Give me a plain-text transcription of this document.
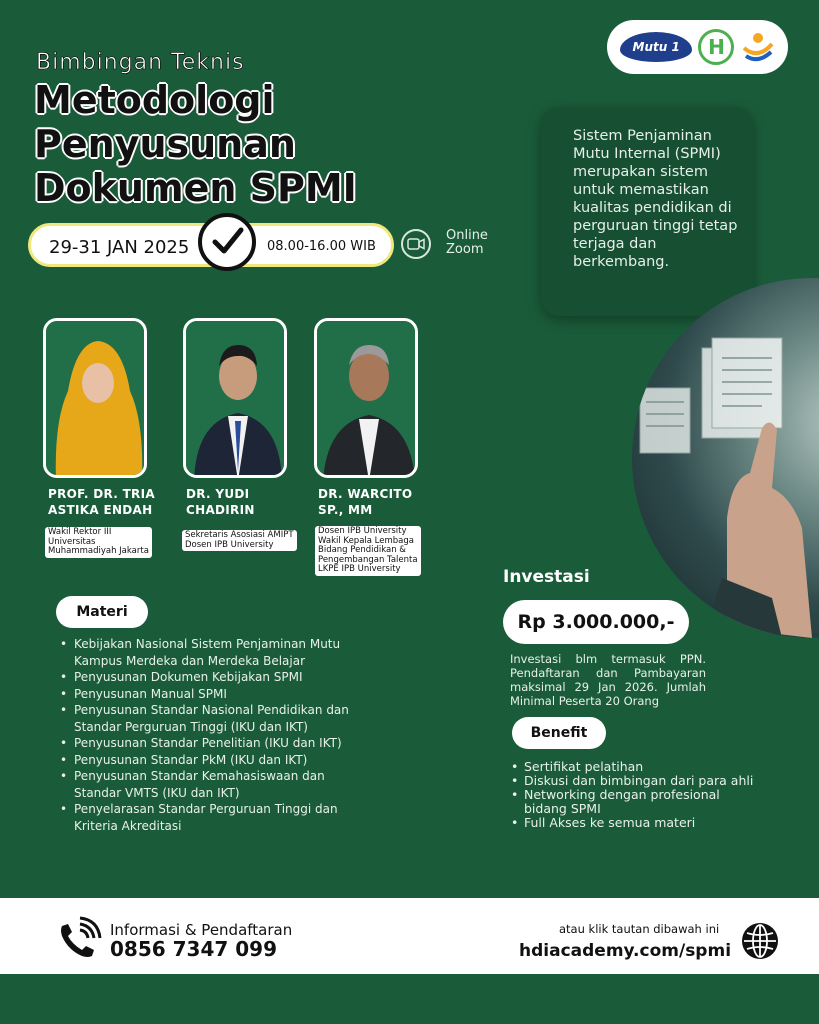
Mutu 1 H
Bimbingan Teknis
Metodologi
Penyusunan
Dokumen SPMI
29-31 JAN 2025	08.00-16.00 WIB
Online
Zoom

Sistem Penjaminan Mutu Internal (SPMI) merupakan sistem untuk memastikan kualitas pendidikan di perguruan tinggi tetap terjaga dan berkembang.

PROF. DR. TRIA
ASTIKA ENDAH
Wakil Rektor III
Universitas
Muhammadiyah Jakarta
DR. YUDI
CHADIRIN
Sekretaris Asosiasi AMIPT
Dosen IPB University
DR. WARCITO
SP., MM
Dosen IPB University
Wakil Kepala Lembaga
Bidang Pendidikan &
Pengembangan Talenta
LKPE IPB University
Materi
• Kebijakan Nasional Sistem Penjaminan Mutu Kampus Merdeka dan Merdeka Belajar
• Penyusunan Dokumen Kebijakan SPMI
• Penyusunan Manual SPMI
• Penyusunan Standar Nasional Pendidikan dan Standar Perguruan Tinggi (IKU dan IKT)
• Penyusunan Standar Penelitian (IKU dan IKT)
• Penyusunan Standar PkM (IKU dan IKT)
• Penyusunan Standar Kemahasiswaan dan Standar VMTS (IKU dan IKT)
• Penyelarasan Standar Perguruan Tinggi dan Kriteria Akreditasi
Investasi
Rp 3.000.000,-

Investasi blm termasuk PPN. Pendaftaran dan Pambayaran maksimal 29 Jan 2026. Jumlah Minimal Peserta 20 Orang

Benefit
• Sertifikat pelatihan
• Diskusi dan bimbingan dari para ahli
• Networking dengan profesional bidang SPMI
• Full Akses ke semua materi
Informasi & Pendaftaran
0856 7347 099
atau klik tautan dibawah ini
hdiacademy.com/spmi
